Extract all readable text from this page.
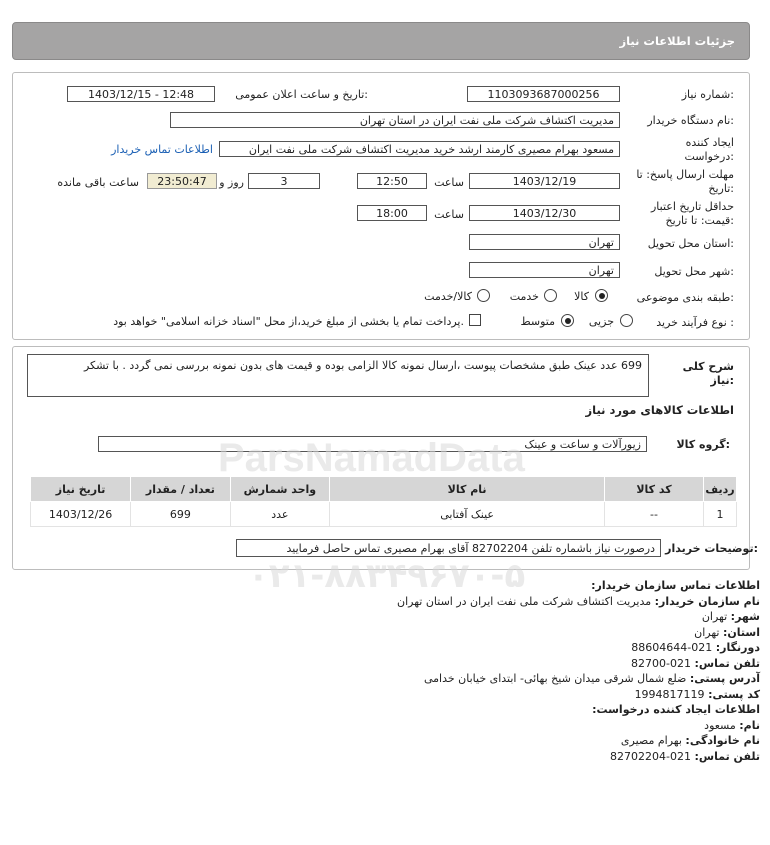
جزئیات اطلاعات نیاز
شماره نیاز:
1103093687000256
تاریخ و ساعت اعلان عمومی:
1403/12/15 - 12:48
نام دستگاه خریدار:
مدیریت اکتشاف شرکت ملی نفت ایران در استان تهران
ایجاد کننده درخواست:
مسعود بهرام مصیری کارمند ارشد خرید مدیریت اکتشاف شرکت ملی نفت ایران
اطلاعات تماس خریدار
مهلت ارسال پاسخ: تا تاریخ:
1403/12/19
ساعت
12:50
3
روز و
23:50:47
ساعت باقی مانده
حداقل تاریخ اعتبار قیمت: تا تاریخ:
1403/12/30
ساعت
18:00
استان محل تحویل:
تهران
شهر محل تحویل:
تهران
طبقه بندی موضوعی:
کالا
خدمت
کالا/خدمت
نوع فرآیند خرید :
جزیی
متوسط
پرداخت تمام یا بخشی از مبلغ خرید،از محل "اسناد خزانه اسلامی" خواهد بود.
شرح کلی نیاز:
699 عدد عینک طبق مشخصات پیوست ،ارسال نمونه کالا الزامی بوده و قیمت های بدون نمونه بررسی نمی گردد . با تشکر
اطلاعات کالاهای مورد نیاز
گروه کالا:
زیورآلات و ساعت و عینک
ردیف	کد کالا	نام کالا	واحد شمارش	تعداد / مقدار	تاریخ نیاز
1	--	عینک آفتابی	عدد	699	1403/12/26
توضیحات خریدار:
درصورت نیاز باشماره تلفن 82702204 آقای بهرام مصیری تماس حاصل فرمایید
اطلاعات تماس سازمان خریدار:
نام سازمان خریدار: مدیریت اکتشاف شرکت ملی نفت ایران در استان تهران
شهر: تهران
استان: تهران
دورنگار: 021-88604644
تلفن تماس: 021-82700
آدرس پستی: ضلع شمال شرقی میدان شیخ بهائی- ابتدای خیابان خدامی
کد پستی: 1994817119
اطلاعات ایجاد کننده درخواست:
نام: مسعود
نام خانوادگی: بهرام مصیری
تلفن تماس: 021-82702204
ParsNamadData
۰۲۱-۸۸۳۴۹۶۷۰-۵
